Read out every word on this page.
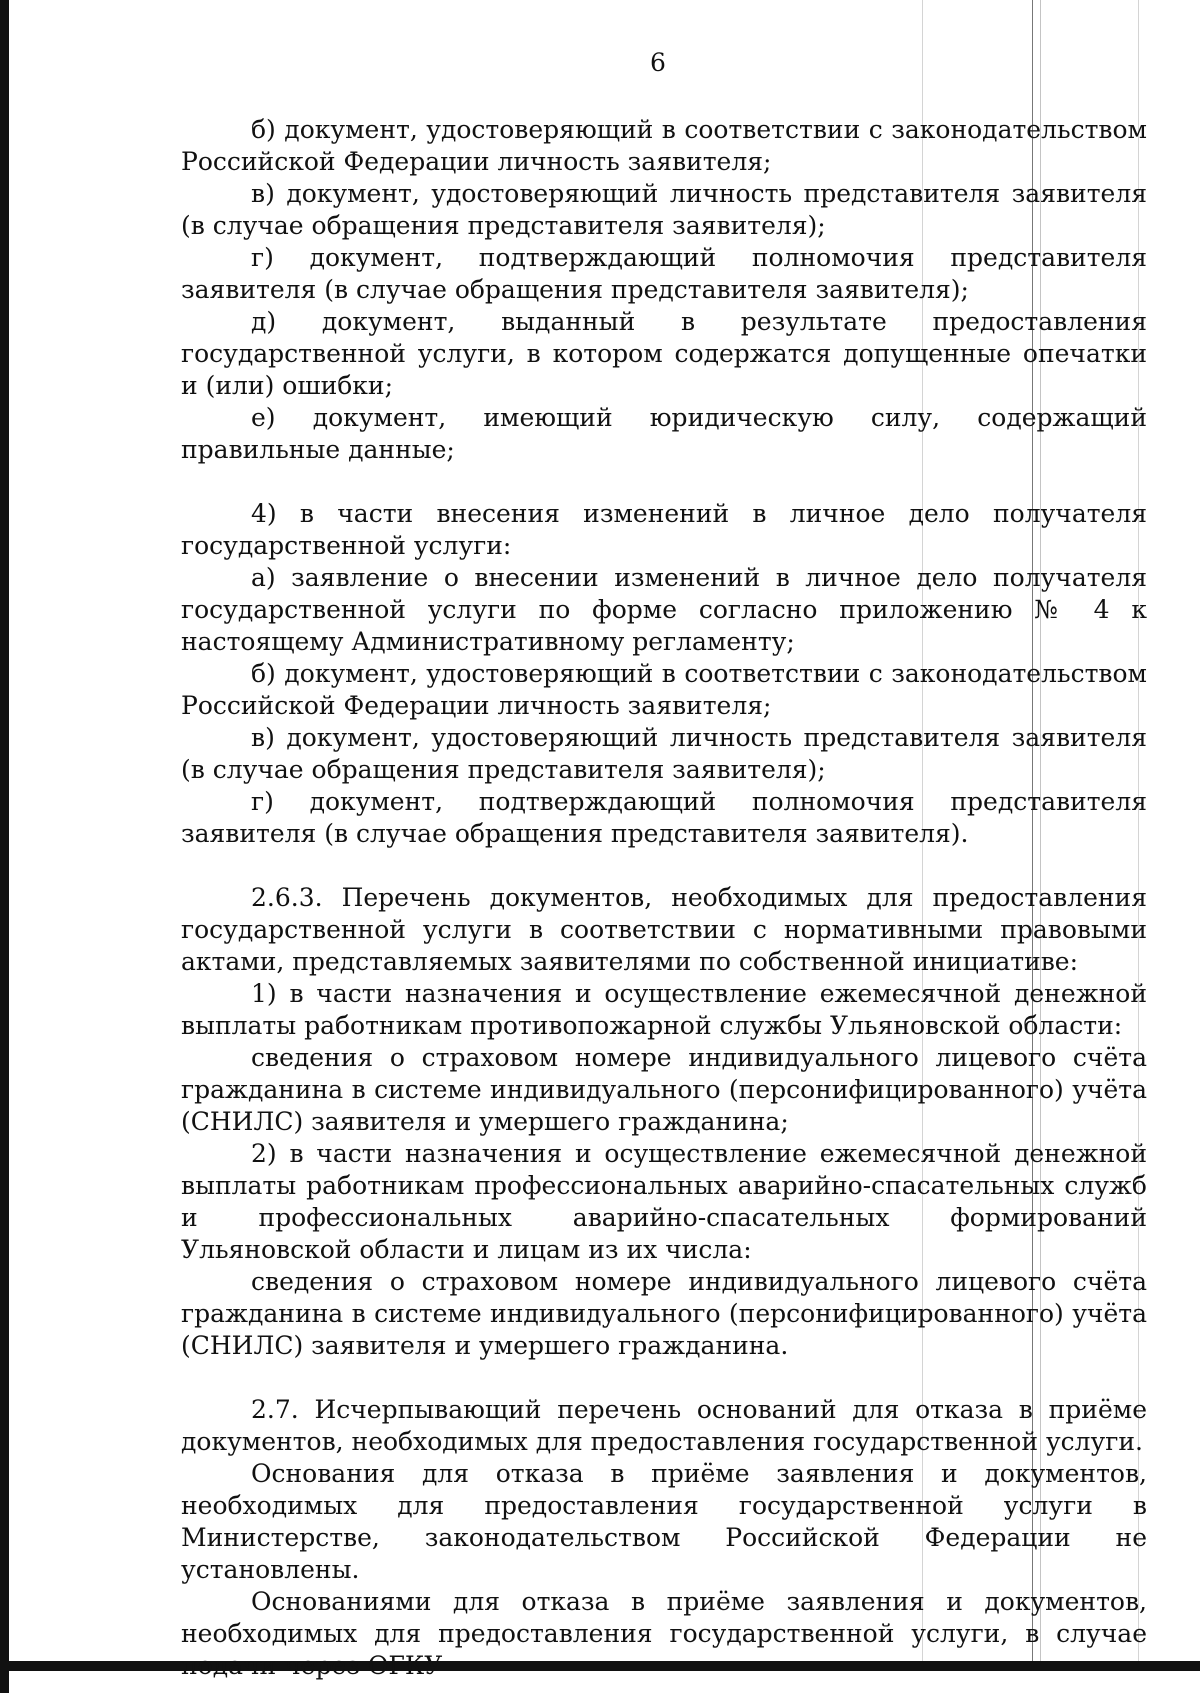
6

б) документ, удостоверяющий в соответствии с законодательством Российской Федерации личность заявителя;

в) документ, удостоверяющий личность представителя заявителя (в случае обращения представителя заявителя);

г) документ, подтверждающий полномочия представителя заявителя (в случае обращения представителя заявителя);

д) документ, выданный в результате предоставления государственной услуги, в котором содержатся допущенные опечатки и (или) ошибки;

е) документ, имеющий юридическую силу, содержащий правильные данные;

4) в части внесения изменений в личное дело получателя государственной услуги:

а) заявление о внесении изменений в личное дело получателя государственной услуги по форме согласно приложению № 4 к настоящему Административному регламенту;

б) документ, удостоверяющий в соответствии с законодательством Российской Федерации личность заявителя;

в) документ, удостоверяющий личность представителя заявителя (в случае обращения представителя заявителя);

г) документ, подтверждающий полномочия представителя заявителя (в случае обращения представителя заявителя).

2.6.3. Перечень документов, необходимых для предоставления государственной услуги в соответствии с нормативными правовыми актами, представляемых заявителями по собственной инициативе:

1) в части назначения и осуществление ежемесячной денежной выплаты работникам противопожарной службы Ульяновской области:

сведения о страховом номере индивидуального лицевого счёта гражданина в системе индивидуального (персонифицированного) учёта (СНИЛС) заявителя и умершего гражданина;

2) в части назначения и осуществление ежемесячной денежной выплаты работникам профессиональных аварийно-спасательных служб и профессиональных аварийно-спасательных формирований Ульяновской области и лицам из их числа:

сведения о страховом номере индивидуального лицевого счёта гражданина в системе индивидуального (персонифицированного) учёта (СНИЛС) заявителя и умершего гражданина.

2.7. Исчерпывающий перечень оснований для отказа в приёме документов, необходимых для предоставления государственной услуги.

Основания для отказа в приёме заявления и документов, необходимых для предоставления государственной услуги в Министерстве, законодательством Российской Федерации не установлены.

Основаниями для отказа в приёме заявления и документов, необходимых для предоставления государственной услуги, в случае подачи через ОГКУ
